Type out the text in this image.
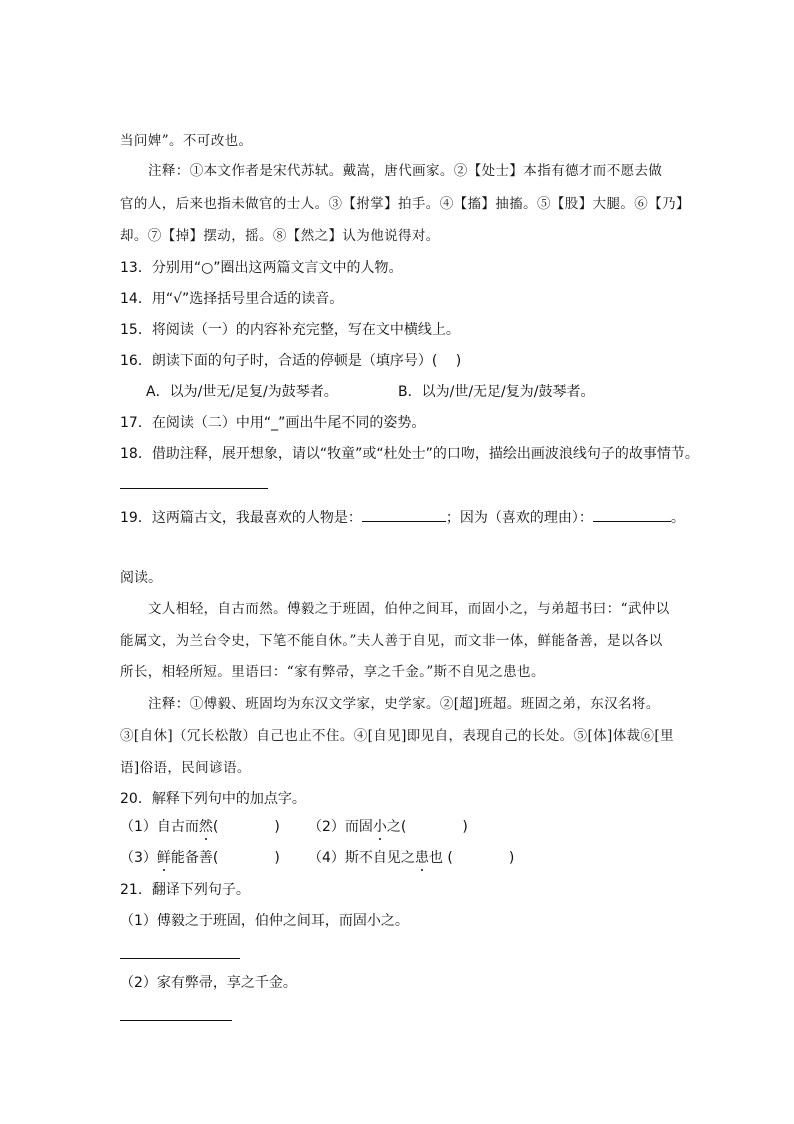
当问婢”。不可改也。
注释：①本文作者是宋代苏轼。戴嵩，唐代画家。②【处士】本指有德才而不愿去做
官的人，后来也指未做官的士人。③【拊掌】拍手。④【搐】抽搐。⑤【股】大腿。⑥【乃】
却。⑦【掉】摆动，摇。⑧【然之】认为他说得对。
13．分别用“○”圈出这两篇文言文中的人物。
14．用“√”选择括号里合适的读音。
15．将阅读（一）的内容补充完整，写在文中横线上。
16．朗读下面的句子时，合适的停顿是（填序号）(　 )
A．以为/世无/足复/为鼓琴者。	B．以为/世/无足/复为/鼓琴者。
17．在阅读（二）中用“_”画出牛尾不同的姿势。
18．借助注释，展开想象，请以“牧童”或“杜处士”的口吻，描绘出画波浪线句子的故事情节。
19．这两篇古文，我最喜欢的人物是：	；因为（喜欢的理由）：	。
阅读。
文人相轻，自古而然。傅毅之于班固，伯仲之间耳，而固小之，与弟超书曰：“武仲以
能属文，为兰台令史，下笔不能自休。”夫人善于自见，而文非一体，鲜能备善，是以各以
所长，相轻所短。里语曰：“家有弊帚，享之千金。”斯不自见之患也。
注释：①傅毅、班固均为东汉文学家，史学家。②[超]班超。班固之弟，东汉名将。
③[自休]（冗长松散）自己也止不住。④[自见]即见自，表现自己的长处。⑤[体]体裁⑥[里
语]俗语，民间谚语。
20．解释下列句中的加点字。
（1）自古而然(　　　　) （2）而固小之(　　　　)
（3）鲜能备善(　　　　) （4）斯不自见之患也 (　　　　)
21．翻译下列句子。
（1）傅毅之于班固，伯仲之间耳，而固小之。
（2）家有弊帚，享之千金。
